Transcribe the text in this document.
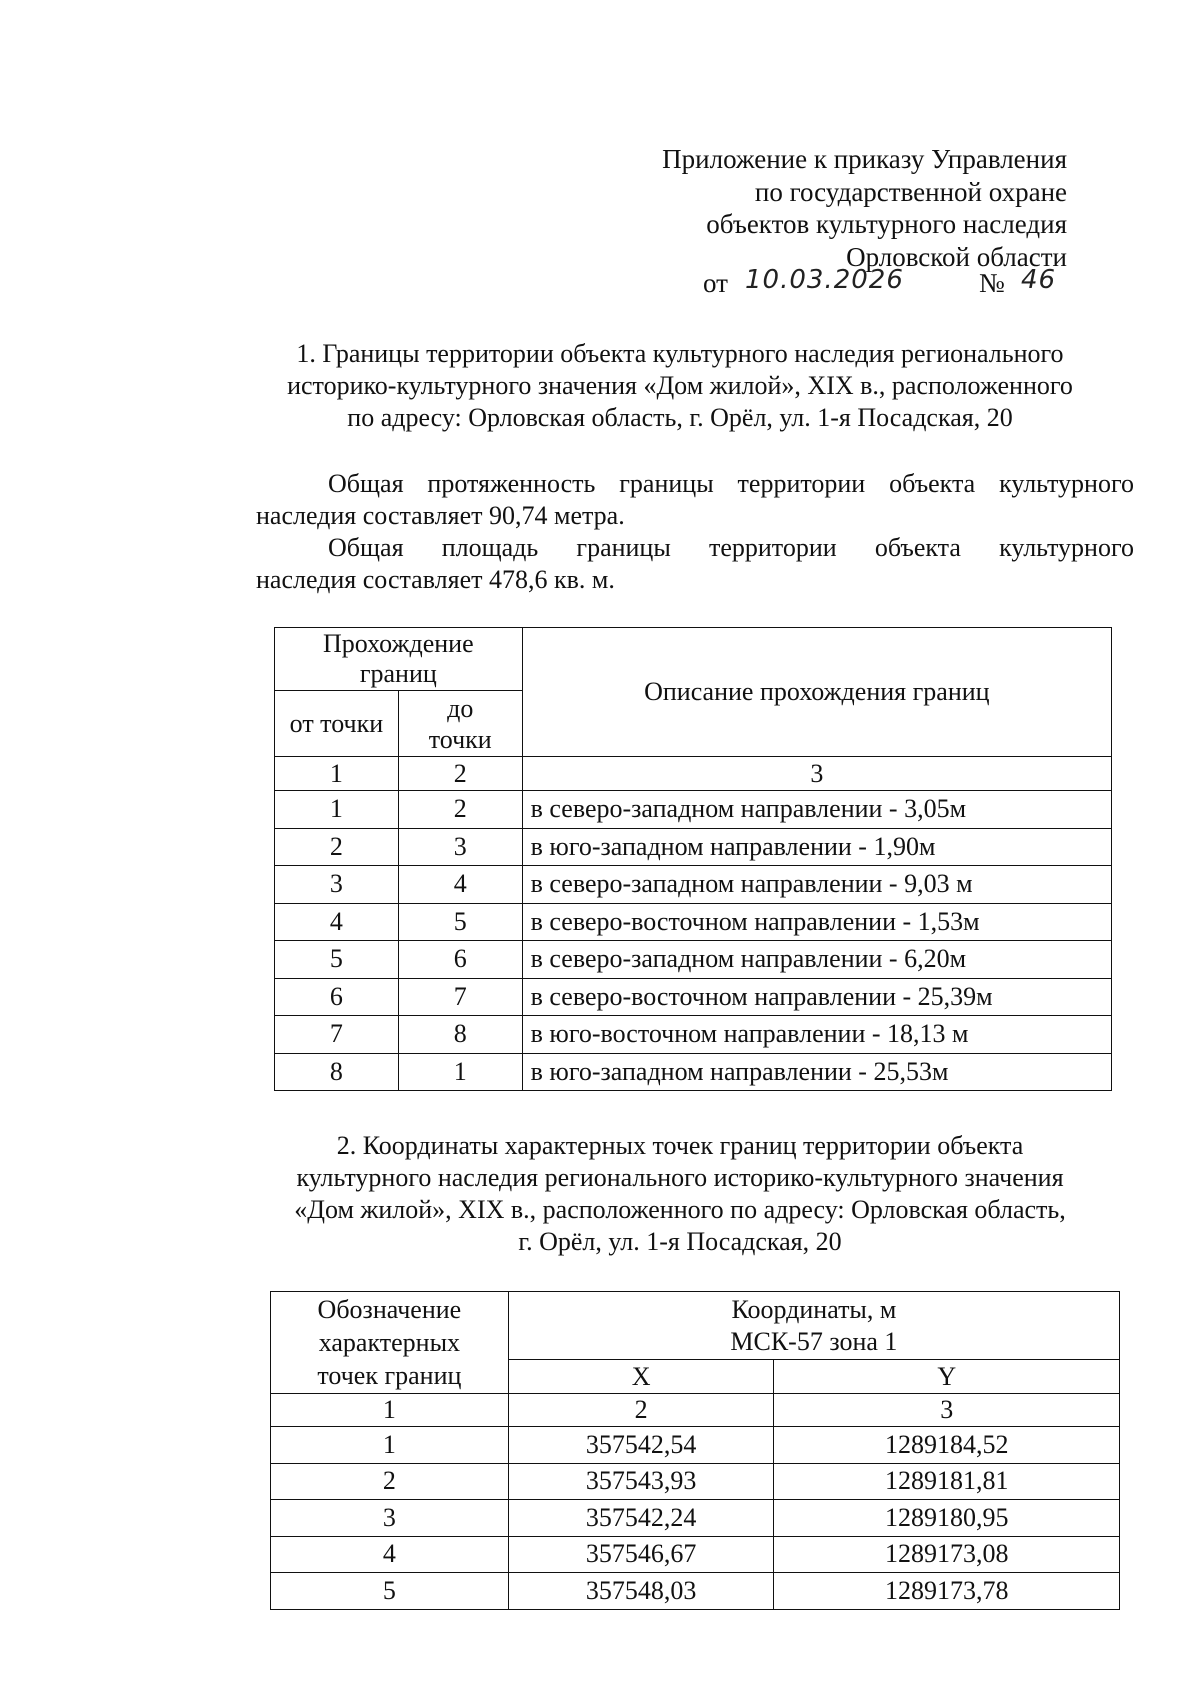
Приложение к приказу Управления
по государственной охране
объектов культурного наследия
Орловской области
от 10.03.2026	№ 46
1. Границы территории объекта культурного наследия регионального
историко-культурного значения «Дом жилой», XIX в., расположенного
по адресу: Орловская область, г. Орёл, ул. 1-я Посадская, 20
Общая протяженность границы территории объекта культурного
наследия составляет 90,74 метра.
Общая площадь границы территории объекта культурного
наследия составляет 478,6 кв. м.
Прохождение границ		Описание прохождения границ
от точки	до точки	
1	2	3
1	2	в северо-западном направлении - 3,05м
2	3	в юго-западном направлении - 1,90м
3	4	в северо-западном направлении - 9,03 м
4	5	в северо-восточном направлении - 1,53м
5	6	в северо-западном направлении - 6,20м
6	7	в северо-восточном направлении - 25,39м
7	8	в юго-восточном направлении - 18,13 м
8	1	в юго-западном направлении - 25,53м
2. Координаты характерных точек границ территории объекта
культурного наследия регионального историко-культурного значения
«Дом жилой», XIX в., расположенного по адресу: Орловская область,
г. Орёл, ул. 1-я Посадская, 20
Обозначение
характерных
точек границ	Координаты, м
МСК-57 зона 1	

	X	Y
1	2	3
1	357542,54	1289184,52
2	357543,93	1289181,81
3	357542,24	1289180,95
4	357546,67	1289173,08
5	357548,03	1289173,78
